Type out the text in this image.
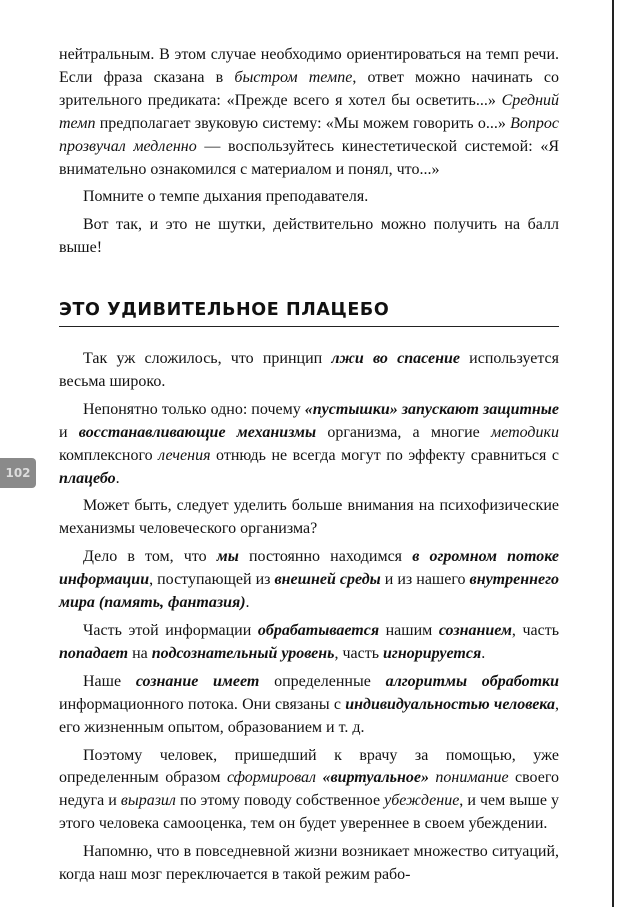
нейтральным. В этом случае необходимо ориентироваться на темп речи. Если фраза сказана в быстром темпе, ответ можно начинать со зрительного предиката: «Прежде всего я хотел бы осветить...» Средний темп предполагает звуковую систему: «Мы можем говорить о...» Вопрос прозвучал медленно — воспользуйтесь кинестетической системой: «Я внимательно ознакомился с материалом и понял, что...»

Помните о темпе дыхания преподавателя.

Вот так, и это не шутки, действительно можно получить на балл выше!

ЭТО УДИВИТЕЛЬНОЕ ПЛАЦЕБО

Так уж сложилось, что принцип лжи во спасение используется весьма широко.

Непонятно только одно: почему «пустышки» запускают защитные и восстанавливающие механизмы организма, а многие методики комплексного лечения отнюдь не всегда могут по эффекту сравниться с плацебо.

Может быть, следует уделить больше внимания на психофизические механизмы человеческого организма?

Дело в том, что мы постоянно находимся в огромном потоке информации, поступающей из внешней среды и из нашего внутреннего мира (память, фантазия).

Часть этой информации обрабатывается нашим сознанием, часть попадает на подсознательный уровень, часть игнорируется.

Наше сознание имеет определенные алгоритмы обработки информационного потока. Они связаны с индивидуальностью человека, его жизненным опытом, образованием и т. д.

Поэтому человек, пришедший к врачу за помощью, уже определенным образом сформировал «виртуальное» понимание своего недуга и выразил по этому поводу собственное убеждение, и чем выше у этого человека самооценка, тем он будет увереннее в своем убеждении.

Напомню, что в повседневной жизни возникает множество ситуаций, когда наш мозг переключается в такой режим рабо-

102
